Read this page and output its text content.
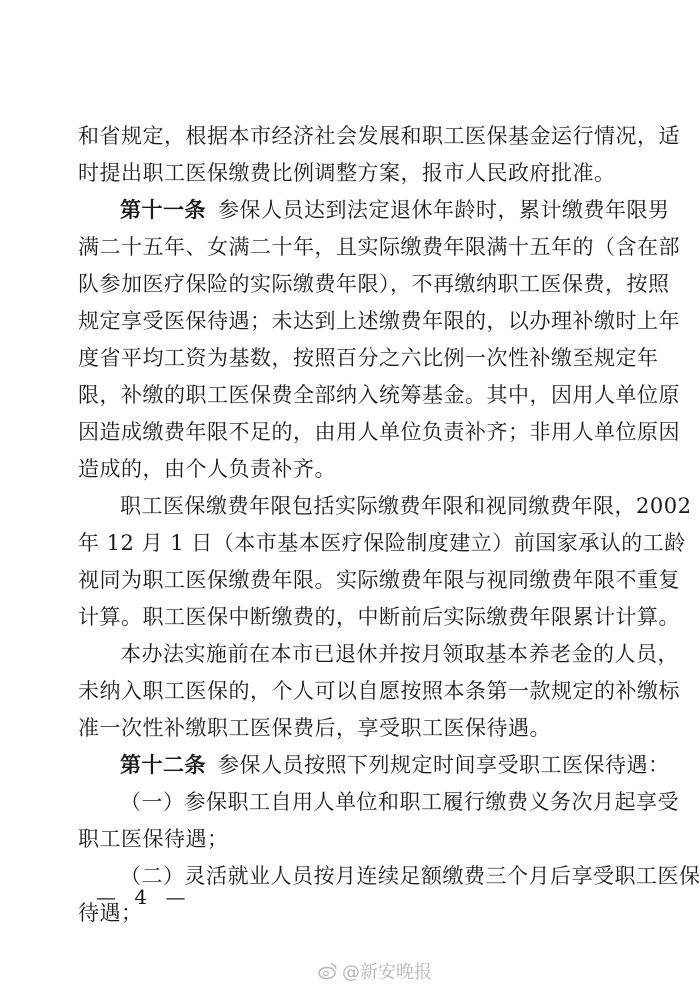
和省规定，根据本市经济社会发展和职工医保基金运行情况，适
时提出职工医保缴费比例调整方案，报市人民政府批准。
第十一条 参保人员达到法定退休年龄时，累计缴费年限男
满二十五年、女满二十年，且实际缴费年限满十五年的（含在部
队参加医疗保险的实际缴费年限），不再缴纳职工医保费，按照
规定享受医保待遇；未达到上述缴费年限的，以办理补缴时上年
度省平均工资为基数，按照百分之六比例一次性补缴至规定年
限，补缴的职工医保费全部纳入统筹基金。其中，因用人单位原
因造成缴费年限不足的，由用人单位负责补齐；非用人单位原因
造成的，由个人负责补齐。
职工医保缴费年限包括实际缴费年限和视同缴费年限，2002
年 12 月 1 日（本市基本医疗保险制度建立）前国家承认的工龄
视同为职工医保缴费年限。实际缴费年限与视同缴费年限不重复
计算。职工医保中断缴费的，中断前后实际缴费年限累计计算。
本办法实施前在本市已退休并按月领取基本养老金的人员，
未纳入职工医保的，个人可以自愿按照本条第一款规定的补缴标
准一次性补缴职工医保费后，享受职工医保待遇。
第十二条 参保人员按照下列规定时间享受职工医保待遇：
（一）参保职工自用人单位和职工履行缴费义务次月起享受
职工医保待遇；
（二）灵活就业人员按月连续足额缴费三个月后享受职工医保
待遇；
— 4 —
@新安晚报
